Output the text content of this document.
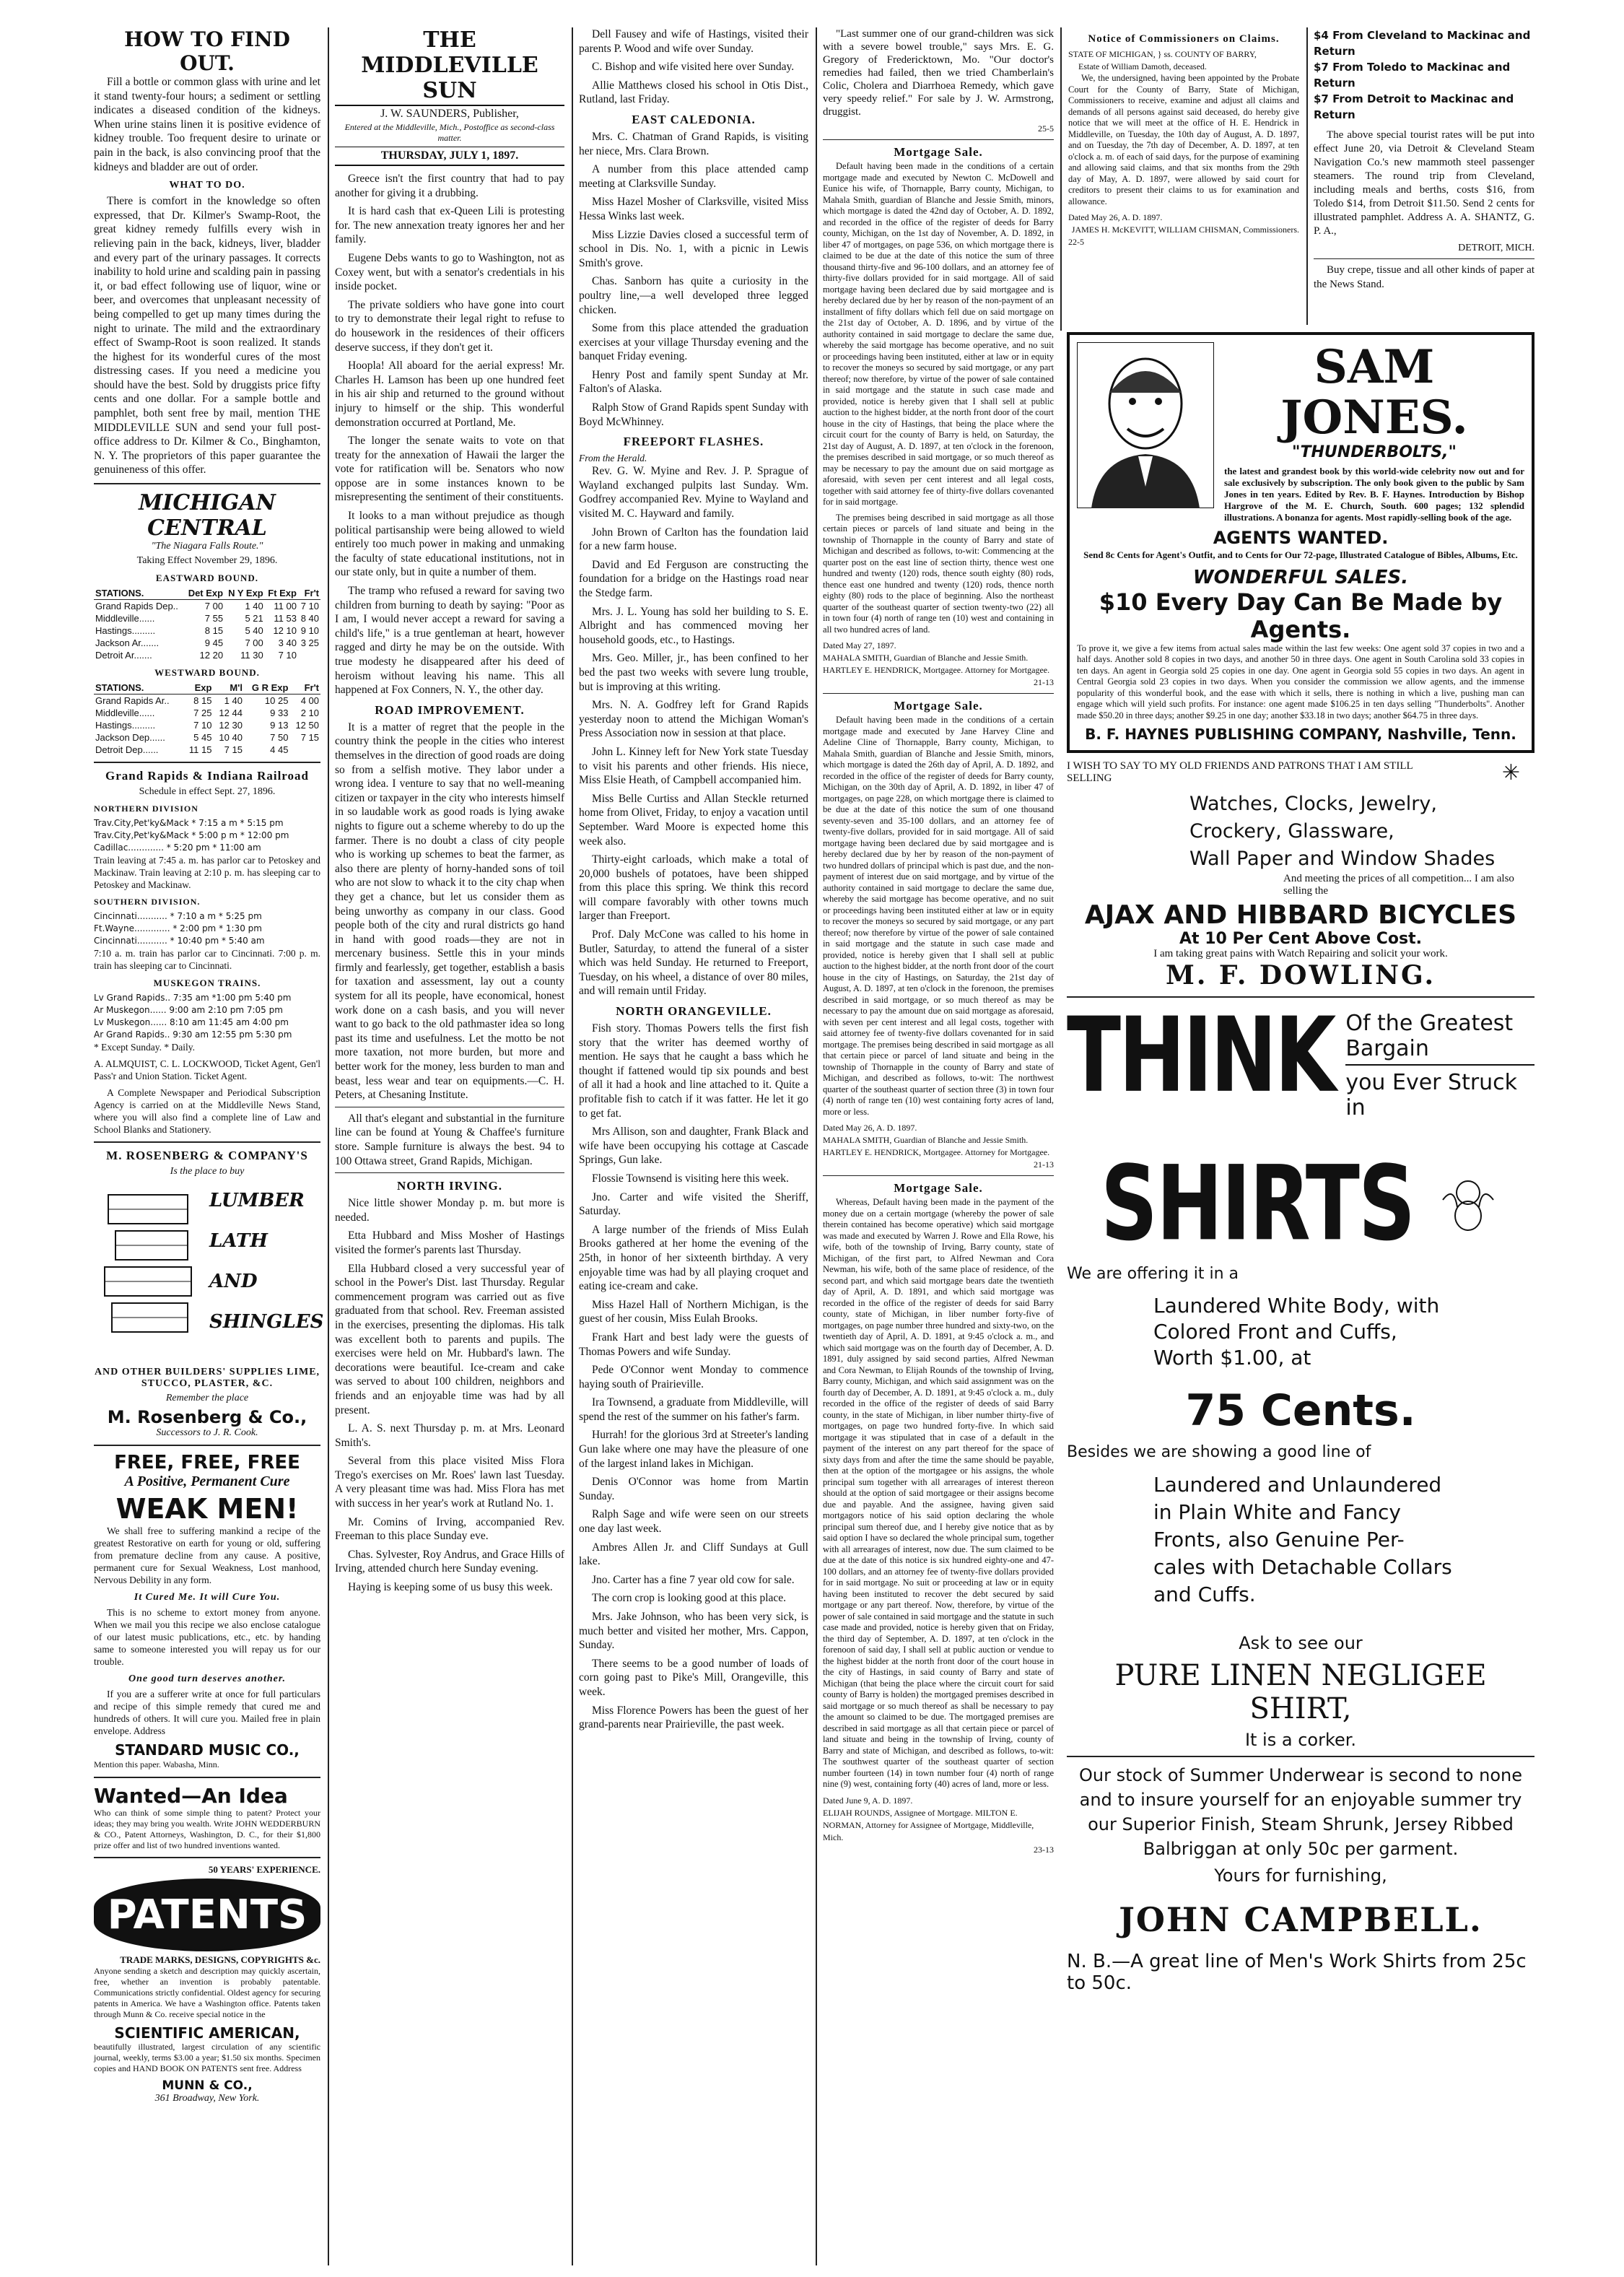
HOW TO FIND OUT.

Fill a bottle or common glass with urine and let it stand twenty-four hours; a sediment or settling indicates a diseased condition of the kidneys. When urine stains linen it is positive evidence of kidney trouble. Too frequent desire to urinate or pain in the back, is also convincing proof that the kidneys and bladder are out of order.

WHAT TO DO.

There is comfort in the knowledge so often expressed, that Dr. Kilmer's Swamp-Root, the great kidney remedy fulfills every wish in relieving pain in the back, kidneys, liver, bladder and every part of the urinary passages. It corrects inability to hold urine and scalding pain in passing it, or bad effect following use of liquor, wine or beer, and overcomes that unpleasant necessity of being compelled to get up many times during the night to urinate. The mild and the extraordinary effect of Swamp-Root is soon realized. It stands the highest for its wonderful cures of the most distressing cases. If you need a medicine you should have the best. Sold by druggists price fifty cents and one dollar. For a sample bottle and pamphlet, both sent free by mail, mention THE MIDDLEVILLE SUN and send your full post-office address to Dr. Kilmer & Co., Binghamton, N. Y. The proprietors of this paper guarantee the genuineness of this offer.

MICHIGAN CENTRAL
"The Niagara Falls Route."
Taking Effect November 29, 1896.
EASTWARD BOUND.
STATIONS.	Det Exp	N Y Exp	Ft Exp	Fr't
Grand Rapids Dep..	7 00	1 40	11 00	7 10
Middleville......	7 55	5 21	11 53	8 40
Hastings.........	8 15	5 40	12 10	9 10
Jackson Ar.......	9 45	7 00	3 40	3 25
Detroit Ar.......	12 20	11 30	7 10	
WESTWARD BOUND.
STATIONS.	Exp	M'l	G R Exp	Fr't
Grand Rapids Ar..	8 15	1 40	10 25	4 00
Middleville......	7 25	12 44	9 33	2 10
Hastings.........	7 10	12 30	9 13	12 50
Jackson Dep......	5 45	10 40	7 50	7 15
Detroit Dep......	11 15	7 15	4 45	
Grand Rapids & Indiana Railroad
Schedule in effect Sept. 27, 1896.
NORTHERN DIVISION
Trav.City,Pet'ky&Mack * 7:15 a m * 5:15 pm
Trav.City,Pet'ky&Mack * 5:00 p m * 12:00 pm
Cadillac............. * 5:20 pm * 11:00 am

Train leaving at 7:45 a. m. has parlor car to Petoskey and Mackinaw. Train leaving at 2:10 p. m. has sleeping car to Petoskey and Mackinaw.

SOUTHERN DIVISION.
Cincinnati........... * 7:10 a m * 5:25 pm
Ft.Wayne............. * 2:00 pm * 1:30 pm
Cincinnati........... * 10:40 pm * 5:40 am

7:10 a. m. train has parlor car to Cincinnati. 7:00 p. m. train has sleeping car to Cincinnati.

MUSKEGON TRAINS.
Lv Grand Rapids.. 7:35 am *1:00 pm 5:40 pm
Ar Muskegon...... 9:00 am 2:10 pm 7:05 pm
Lv Muskegon...... 8:10 am 11:45 am 4:00 pm
Ar Grand Rapids.. 9:30 am 12:55 pm 5:30 pm

* Except Sunday. * Daily.

A. ALMQUIST, C. L. LOCKWOOD, Ticket Agent, Gen'l Pass'r and Union Station. Ticket Agent.

A Complete Newspaper and Periodical Subscription Agency is carried on at the Middleville News Stand, where you will also find a complete line of Law and School Blanks and Stationery.

M. ROSENBERG & COMPANY'S
Is the place to buy
LUMBER
LATH
AND
SHINGLES
AND OTHER BUILDERS' SUPPLIES LIME, STUCCO, PLASTER, &C.
Remember the place
M. Rosenberg & Co.,
Successors to J. R. Cook.
FREE, FREE, FREE
A Positive, Permanent Cure
WEAK MEN!

We shall free to suffering mankind a recipe of the greatest Restorative on earth for young or old, suffering from premature decline from any cause. A positive, permanent cure for Sexual Weakness, Lost manhood, Nervous Debility in any form.

It Cured Me. It will Cure You.

This is no scheme to extort money from anyone. When we mail you this recipe we also enclose catalogue of our latest music publications, etc., etc. by handing same to someone interested you will repay us for our trouble.

One good turn deserves another.

If you are a sufferer write at once for full particulars and recipe of this simple remedy that cured me and hundreds of others. It will cure you. Mailed free in plain envelope. Address

STANDARD MUSIC CO.,
Mention this paper. Wabasha, Minn.
Wanted—An Idea

Who can think of some simple thing to patent? Protect your ideas; they may bring you wealth. Write JOHN WEDDERBURN & CO., Patent Attorneys, Washington, D. C., for their $1,800 prize offer and list of two hundred inventions wanted.

50 YEARS' EXPERIENCE.
PATENTS
TRADE MARKS, DESIGNS, COPYRIGHTS &c.

Anyone sending a sketch and description may quickly ascertain, free, whether an invention is probably patentable. Communications strictly confidential. Oldest agency for securing patents in America. We have a Washington office. Patents taken through Munn & Co. receive special notice in the

SCIENTIFIC AMERICAN,

beautifully illustrated, largest circulation of any scientific journal, weekly, terms $3.00 a year; $1.50 six months. Specimen copies and HAND BOOK ON PATENTS sent free. Address

MUNN & CO.,
361 Broadway, New York.
THE MIDDLEVILLE SUN
J. W. SAUNDERS, Publisher,
Entered at the Middleville, Mich., Postoffice as second-class matter.
THURSDAY, JULY 1, 1897.

Greece isn't the first country that had to pay another for giving it a drubbing.

It is hard cash that ex-Queen Lili is protesting for. The new annexation treaty ignores her and her family.

Eugene Debs wants to go to Washington, not as Coxey went, but with a senator's credentials in his inside pocket.

The private soldiers who have gone into court to try to demonstrate their legal right to refuse to do housework in the residences of their officers deserve success, if they don't get it.

Hoopla! All aboard for the aerial express! Mr. Charles H. Lamson has been up one hundred feet in his air ship and returned to the ground without injury to himself or the ship. This wonderful demonstration occurred at Portland, Me.

The longer the senate waits to vote on that treaty for the annexation of Hawaii the larger the vote for ratification will be. Senators who now oppose are in some instances known to be misrepresenting the sentiment of their constituents.

It looks to a man without prejudice as though political partisanship were being allowed to wield entirely too much power in making and unmaking the faculty of state educational institutions, not in our state only, but in quite a number of them.

The tramp who refused a reward for saving two children from burning to death by saying: "Poor as I am, I would never accept a reward for saving a child's life," is a true gentleman at heart, however ragged and dirty he may be on the outside. With true modesty he disappeared after his deed of heroism without leaving his name. This all happened at Fox Conners, N. Y., the other day.

ROAD IMPROVEMENT.

It is a matter of regret that the people in the country think the people in the cities who interest themselves in the direction of good roads are doing so from a selfish motive. They labor under a wrong idea. I venture to say that no well-meaning citizen or taxpayer in the city who interests himself in so laudable work as good roads is lying awake nights to figure out a scheme whereby to do up the farmer. There is no doubt a class of city people who is working up schemes to beat the farmer, as also there are plenty of horny-handed sons of toil who are not slow to whack it to the city chap when they get a chance, but let us consider them as being unworthy as company in our class. Good people both of the city and rural districts go hand in hand with good roads—they are not in mercenary business. Settle this in your minds firmly and fearlessly, get together, establish a basis for taxation and assessment, lay out a county system for all its people, have economical, honest work done on a cash basis, and you will never want to go back to the old pathmaster idea so long past its time and usefulness. Let the motto be not more taxation, not more burden, but more and better work for the money, less burden to man and beast, less wear and tear on equipments.—C. H. Peters, at Chesaning Institute.

All that's elegant and substantial in the furniture line can be found at Young & Chaffee's furniture store. Sample furniture is always the best. 94 to 100 Ottawa street, Grand Rapids, Michigan.

NORTH IRVING.

Nice little shower Monday p. m. but more is needed.

Etta Hubbard and Miss Mosher of Hastings visited the former's parents last Thursday.

Ella Hubbard closed a very successful year of school in the Power's Dist. last Thursday. Regular commencement program was carried out as five graduated from that school. Rev. Freeman assisted in the exercises, presenting the diplomas. His talk was excellent both to parents and pupils. The exercises were held on Mr. Hubbard's lawn. The decorations were beautiful. Ice-cream and cake was served to about 100 children, neighbors and friends and an enjoyable time was had by all present.

L. A. S. next Thursday p. m. at Mrs. Leonard Smith's.

Several from this place visited Miss Flora Trego's exercises on Mr. Roes' lawn last Tuesday. A very pleasant time was had. Miss Flora has met with success in her year's work at Rutland No. 1.

Mr. Comins of Irving, accompanied Rev. Freeman to this place Sunday eve.

Chas. Sylvester, Roy Andrus, and Grace Hills of Irving, attended church here Sunday evening.

Haying is keeping some of us busy this week.

Dell Fausey and wife of Hastings, visited their parents P. Wood and wife over Sunday.

C. Bishop and wife visited here over Sunday.

Allie Matthews closed his school in Otis Dist., Rutland, last Friday.

EAST CALEDONIA.

Mrs. C. Chatman of Grand Rapids, is visiting her niece, Mrs. Clara Brown.

A number from this place attended camp meeting at Clarksville Sunday.

Miss Hazel Mosher of Clarksville, visited Miss Hessa Winks last week.

Miss Lizzie Davies closed a successful term of school in Dis. No. 1, with a picnic in Lewis Smith's grove.

Chas. Sanborn has quite a curiosity in the poultry line,—a well developed three legged chicken.

Some from this place attended the graduation exercises at your village Thursday evening and the banquet Friday evening.

Henry Post and family spent Sunday at Mr. Falton's of Alaska.

Ralph Stow of Grand Rapids spent Sunday with Boyd McWhinney.

FREEPORT FLASHES.
From the Herald.

Rev. G. W. Myine and Rev. J. P. Sprague of Wayland exchanged pulpits last Sunday. Wm. Godfrey accompanied Rev. Myine to Wayland and visited M. C. Hayward and family.

John Brown of Carlton has the foundation laid for a new farm house.

David and Ed Ferguson are constructing the foundation for a bridge on the Hastings road near the Stedge farm.

Mrs. J. L. Young has sold her building to S. E. Albright and has commenced moving her household goods, etc., to Hastings.

Mrs. Geo. Miller, jr., has been confined to her bed the past two weeks with severe lung trouble, but is improving at this writing.

Mrs. N. A. Godfrey left for Grand Rapids yesterday noon to attend the Michigan Woman's Press Association now in session at that place.

John L. Kinney left for New York state Tuesday to visit his parents and other friends. His niece, Miss Elsie Heath, of Campbell accompanied him.

Miss Belle Curtiss and Allan Steckle returned home from Olivet, Friday, to enjoy a vacation until September. Ward Moore is expected home this week also.

Thirty-eight carloads, which make a total of 20,000 bushels of potatoes, have been shipped from this place this spring. We think this record will compare favorably with other towns much larger than Freeport.

Prof. Daly McCone was called to his home in Butler, Saturday, to attend the funeral of a sister which was held Sunday. He returned to Freeport, Tuesday, on his wheel, a distance of over 80 miles, and will remain until Friday.

NORTH ORANGEVILLE.

Fish story. Thomas Powers tells the first fish story that the writer has deemed worthy of mention. He says that he caught a bass which he thought if fattened would tip six pounds and best of all it had a hook and line attached to it. Quite a profitable fish to catch if it was fatter. He let it go to get fat.

Mrs Allison, son and daughter, Frank Black and wife have been occupying his cottage at Cascade Springs, Gun lake.

Flossie Townsend is visiting here this week.

Jno. Carter and wife visited the Sheriff, Saturday.

A large number of the friends of Miss Eulah Brooks gathered at her home the evening of the 25th, in honor of her sixteenth birthday. A very enjoyable time was had by all playing croquet and eating ice-cream and cake.

Miss Hazel Hall of Northern Michigan, is the guest of her cousin, Miss Eulah Brooks.

Frank Hart and best lady were the guests of Thomas Powers and wife Sunday.

Pede O'Connor went Monday to commence haying south of Prairieville.

Ira Townsend, a graduate from Middleville, will spend the rest of the summer on his father's farm.

Hurrah! for the glorious 3rd at Streeter's landing Gun lake where one may have the pleasure of one of the largest inland lakes in Michigan.

Denis O'Connor was home from Martin Sunday.

Ralph Sage and wife were seen on our streets one day last week.

Ambres Allen Jr. and Cliff Sundays at Gull lake.

Jno. Carter has a fine 7 year old cow for sale.

The corn crop is looking good at this place.

Mrs. Jake Johnson, who has been very sick, is much better and visited her mother, Mrs. Cappon, Sunday.

There seems to be a good number of loads of corn going past to Pike's Mill, Orangeville, this week.

Miss Florence Powers has been the guest of her grand-parents near Prairieville, the past week.

"Last summer one of our grand-children was sick with a severe bowel trouble," says Mrs. E. G. Gregory of Fredericktown, Mo. "Our doctor's remedies had failed, then we tried Chamberlain's Colic, Cholera and Diarrhoea Remedy, which gave very speedy relief." For sale by J. W. Armstrong, druggist.

25-5
Mortgage Sale.

Default having been made in the conditions of a certain mortgage made and executed by Newton C. McDowell and Eunice his wife, of Thornapple, Barry county, Michigan, to Mahala Smith, guardian of Blanche and Jessie Smith, minors, which mortgage is dated the 42nd day of October, A. D. 1892, and recorded in the office of the register of deeds for Barry county, Michigan, on the 1st day of November, A. D. 1892, in liber 47 of mortgages, on page 536, on which mortgage there is claimed to be due at the date of this notice the sum of three thousand thirty-five and 96-100 dollars, and an attorney fee of thirty-five dollars provided for in said mortgage. All of said mortgage having been declared due by said mortgagee and is hereby declared due by her by reason of the non-payment of an installment of fifty dollars which fell due on said mortgage on the 21st day of October, A. D. 1896, and by virtue of the authority contained in said mortgage to declare the same due, whereby the said mortgage has become operative, and no suit or proceedings having been instituted, either at law or in equity to recover the moneys so secured by said mortgage, or any part thereof; now therefore, by virtue of the power of sale contained in said mortgage and the statute in such case made and provided, notice is hereby given that I shall sell at public auction to the highest bidder, at the north front door of the court house in the city of Hastings, that being the place where the circuit court for the county of Barry is held, on Saturday, the 21st day of August, A. D. 1897, at ten o'clock in the forenoon, the premises described in said mortgage, or so much thereof as may be necessary to pay the amount due on said mortgage as aforesaid, with seven per cent interest and all legal costs, together with said attorney fee of thirty-five dollars covenanted for in said mortgage.

The premises being described in said mortgage as all those certain pieces or parcels of land situate and being in the township of Thornapple in the county of Barry and state of Michigan and described as follows, to-wit: Commencing at the quarter post on the east line of section thirty, thence west one hundred and twenty (120) rods, thence south eighty (80) rods, thence east one hundred and twenty (120) rods, thence north eighty (80) rods to the place of beginning. Also the northeast quarter of the southeast quarter of section twenty-two (22) all in town four (4) north of range ten (10) west and containing in all two hundred acres of land.

Dated May 27, 1897.
MAHALA SMITH, Guardian of Blanche and Jessie Smith. HARTLEY E. HENDRICK, Mortgagee. Attorney for Mortgagee.
21-13
Mortgage Sale.

Default having been made in the conditions of a certain mortgage made and executed by Jane Harvey Cline and Adeline Cline of Thornapple, Barry county, Michigan, to Mahala Smith, guardian of Blanche and Jessie Smith, minors, which mortgage is dated the 26th day of April, A. D. 1892, and recorded in the office of the register of deeds for Barry county, Michigan, on the 30th day of April, A. D. 1892, in liber 47 of mortgages, on page 228, on which mortgage there is claimed to be due at the date of this notice the sum of one thousand seventy-seven and 35-100 dollars, and an attorney fee of twenty-five dollars, provided for in said mortgage. All of said mortgage having been declared due by said mortgagee and is hereby declared due by her by reason of the non-payment of two hundred dollars of principal which is past due, and the non-payment of interest due on said mortgage, and by virtue of the authority contained in said mortgage to declare the same due, whereby the said mortgage has become operative, and no suit or proceedings having been instituted either at law or in equity to recover the moneys so secured by said mortgage, or any part thereof; now therefore by virtue of the power of sale contained in said mortgage and the statute in such case made and provided, notice is hereby given that I shall sell at public auction to the highest bidder, at the north front door of the court house in the city of Hastings, on Saturday, the 21st day of August, A. D. 1897, at ten o'clock in the forenoon, the premises described in said mortgage, or so much thereof as may be necessary to pay the amount due on said mortgage as aforesaid, with seven per cent interest and all legal costs, together with said attorney fee of twenty-five dollars covenanted for in said mortgage. The premises being described in said mortgage as all that certain piece or parcel of land situate and being in the township of Thornapple in the county of Barry and state of Michigan, and described as follows, to-wit: The northwest quarter of the southeast quarter of section three (3) in town four (4) north of range ten (10) west containing forty acres of land, more or less.

Dated May 26, A. D. 1897.
MAHALA SMITH, Guardian of Blanche and Jessie Smith. HARTLEY E. HENDRICK, Mortgagee. Attorney for Mortgagee.
21-13
Mortgage Sale.

Whereas, Default having been made in the payment of the money due on a certain mortgage (whereby the power of sale therein contained has become operative) which said mortgage was made and executed by Warren J. Rowe and Ella Rowe, his wife, both of the township of Irving, Barry county, state of Michigan, of the first part, to Alfred Newman and Cora Newman, his wife, both of the same place of residence, of the second part, and which said mortgage bears date the twentieth day of April, A. D. 1891, and which said mortgage was recorded in the office of the register of deeds for said Barry county, state of Michigan, in liber number forty-five of mortgages, on page number three hundred and sixty-two, on the twentieth day of April, A. D. 1891, at 9:45 o'clock a. m., and which said mortgage was on the fourth day of December, A. D. 1891, duly assigned by said second parties, Alfred Newman and Cora Newman, to Elijah Rounds of the township of Irving, Barry county, Michigan, and which said assignment was on the fourth day of December, A. D. 1891, at 9:45 o'clock a. m., duly recorded in the office of the register of deeds of said Barry county, in the state of Michigan, in liber number thirty-five of mortgages, on page two hundred forty-five. In which said mortgage it was stipulated that in case of a default in the payment of the interest on any part thereof for the space of sixty days from and after the time the same should be payable, then at the option of the mortgagee or his assigns, the whole principal sum together with all arrearages of interest thereon should at the option of said mortgagee or their assigns become due and payable. And the assignee, having given said mortgagors notice of his said option declaring the whole principal sum thereof due, and I hereby give notice that as by said option I have so declared the whole principal sum, together with all arrearages of interest, now due. The sum claimed to be due at the date of this notice is six hundred eighty-one and 47-100 dollars, and an attorney fee of twenty-five dollars provided for in said mortgage. No suit or proceeding at law or in equity having been instituted to recover the debt secured by said mortgage or any part thereof. Now, therefore, by virtue of the power of sale contained in said mortgage and the statute in such case made and provided, notice is hereby given that on Friday, the third day of September, A. D. 1897, at ten o'clock in the forenoon of said day, I shall sell at public auction or vendue to the highest bidder at the north front door of the court house in the city of Hastings, in said county of Barry and state of Michigan (that being the place where the circuit court for said county of Barry is holden) the mortgaged premises described in said mortgage or so much thereof as shall be necessary to pay the amount so claimed to be due. The mortgaged premises are described in said mortgage as all that certain piece or parcel of land situate and being in the township of Irving, county of Barry and state of Michigan, and described as follows, to-wit: The southwest quarter of the southeast quarter of section number fourteen (14) in town number four (4) north of range nine (9) west, containing forty (40) acres of land, more or less.

Dated June 9, A. D. 1897.
ELIJAH ROUNDS, Assignee of Mortgage. MILTON E. NORMAN, Attorney for Assignee of Mortgage, Middleville, Mich.
23-13
Notice of Commissioners on Claims.
STATE OF MICHIGAN, } ss. COUNTY OF BARRY,
Estate of William Damoth, deceased.

We, the undersigned, having been appointed by the Probate Court for the County of Barry, State of Michigan, Commissioners to receive, examine and adjust all claims and demands of all persons against said deceased, do hereby give notice that we will meet at the office of H. E. Hendrick in Middleville, on Tuesday, the 10th day of August, A. D. 1897, and on Tuesday, the 7th day of December, A. D. 1897, at ten o'clock a. m. of each of said days, for the purpose of examining and allowing said claims, and that six months from the 29th day of May, A. D. 1897, were allowed by said court for creditors to present their claims to us for examination and allowance.

Dated May 26, A. D. 1897.
JAMES H. McKEVITT, WILLIAM CHISMAN, Commissioners.
22-5
$4 From Cleveland to Mackinac and Return
$7 From Toledo to Mackinac and Return
$7 From Detroit to Mackinac and Return

The above special tourist rates will be put into effect June 20, via Detroit & Cleveland Steam Navigation Co.'s new mammoth steel passenger steamers. The round trip from Cleveland, including meals and berths, costs $16, from Toledo $14, from Detroit $11.50. Send 2 cents for illustrated pamphlet. Address A. A. SHANTZ, G. P. A.,

DETROIT, MICH.

Buy crepe, tissue and all other kinds of paper at the News Stand.

SAM JONES.
"THUNDERBOLTS,"

the latest and grandest book by this world-wide celebrity now out and for sale exclusively by subscription. The only book given to the public by Sam Jones in ten years. Edited by Rev. B. F. Haynes. Introduction by Bishop Hargrove of the M. E. Church, South. 600 pages; 132 splendid illustrations. A bonanza for agents. Most rapidly-selling book of the age.

AGENTS WANTED.

Send 8c Cents for Agent's Outfit, and to Cents for Our 72-page, Illustrated Catalogue of Bibles, Albums, Etc.

WONDERFUL SALES.
$10 Every Day Can Be Made by Agents.

To prove it, we give a few items from actual sales made within the last few weeks: One agent sold 37 copies in two and a half days. Another sold 8 copies in two days, and another 50 in three days. One agent in South Carolina sold 33 copies in ten days. An agent in Georgia sold 25 copies in one day. One agent in Georgia sold 55 copies in two days. An agent in Central Georgia sold 23 copies in two days. When you consider the commission we allow agents, and the immense popularity of this wonderful book, and the ease with which it sells, there is nothing in which a live, pushing man can engage which will yield such profits. For instance: one agent made $106.25 in ten days selling "Thunderbolts". Another made $50.20 in three days; another $9.25 in one day; another $33.18 in two days; another $64.75 in three days.

B. F. HAYNES PUBLISHING COMPANY, Nashville, Tenn.
I WISH TO SAY TO MY OLD FRIENDS AND PATRONS THAT I AM STILL SELLING	✳
Watches, Clocks, Jewelry,
Crockery, Glassware,
Wall Paper and Window Shades
And meeting the prices of all competition... I am also selling the
AJAX AND HIBBARD BICYCLES
At 10 Per Cent Above Cost.
I am taking great pains with Watch Repairing and solicit your work.
M. F. DOWLING.
THINK Of the Greatest Bargain
you Ever Struck in
SHIRTS
We are offering it in a
Laundered White Body, with
Colored Front and Cuffs,
Worth $1.00, at
75 Cents.
Besides we are showing a good line of
Laundered and Unlaundered
in Plain White and Fancy
Fronts, also Genuine Per-
cales with Detachable Collars
and Cuffs.
Ask to see our
PURE LINEN NEGLIGEE SHIRT,
It is a corker.

Our stock of Summer Underwear is second to none and to insure yourself for an enjoyable summer try our Superior Finish, Steam Shrunk, Jersey Ribbed Balbriggan at only 50c per garment.

Yours for furnishing,
JOHN CAMPBELL.
N. B.—A great line of Men's Work Shirts from 25c to 50c.
